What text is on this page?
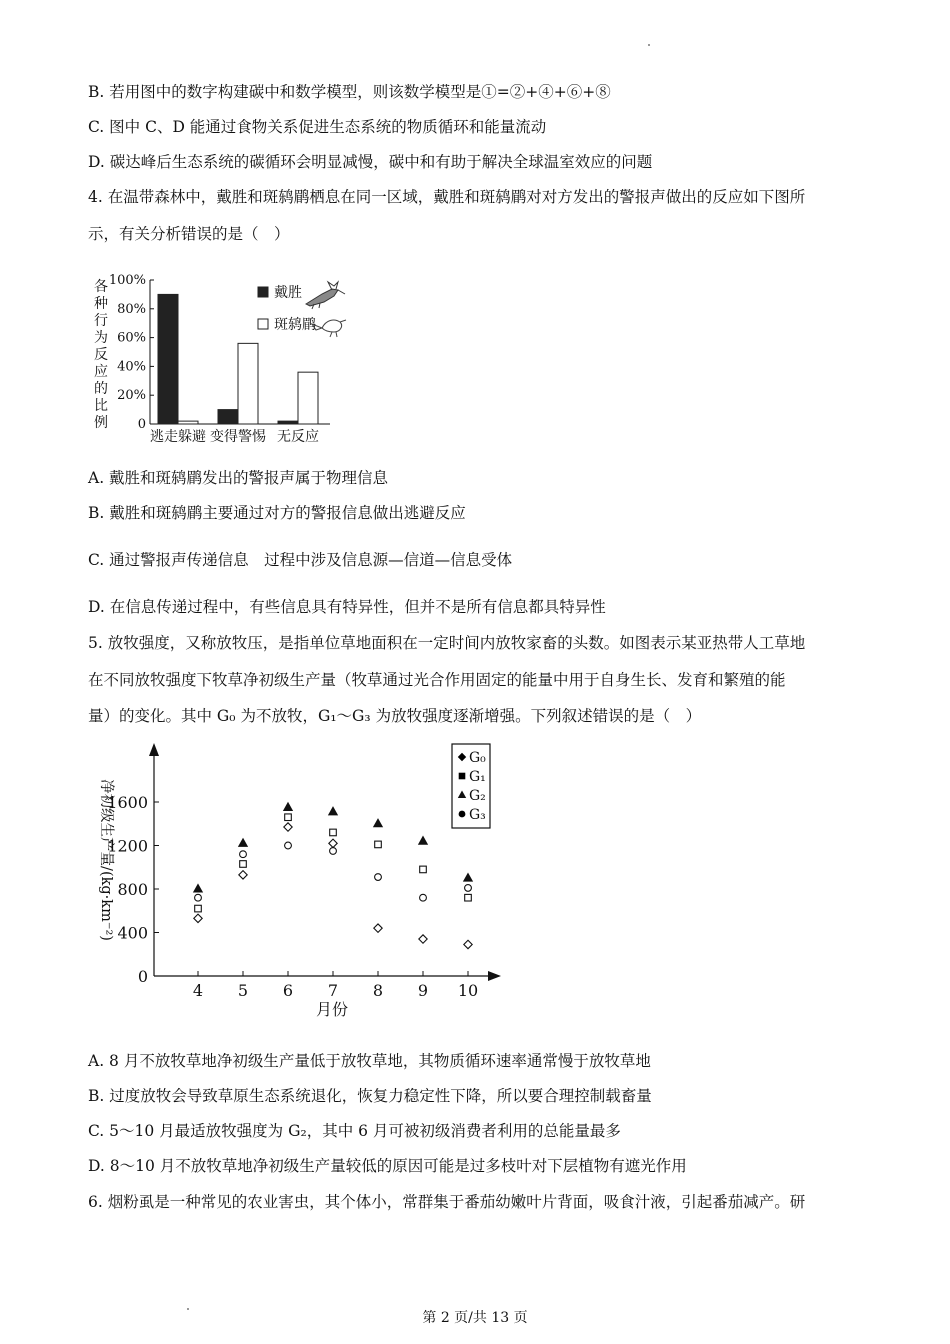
B. 若用图中的数字构建碳中和数学模型，则该数学模型是①=②+④+⑥+⑧
C. 图中 C、D 能通过食物关系促进生态系统的物质循环和能量流动
D. 碳达峰后生态系统的碳循环会明显减慢，碳中和有助于解决全球温室效应的问题
4. 在温带森林中，戴胜和斑鸫鹛栖息在同一区域，戴胜和斑鸫鹛对对方发出的警报声做出的反应如下图所
示，有关分析错误的是（　）
各
种
行
为
反
应
的
比
例
100%
80%
60%
40%
20%
0
逃走躲避 变得警惕 无反应
戴胜
斑鸫鹛
A. 戴胜和斑鸫鹛发出的警报声属于物理信息
B. 戴胜和斑鸫鹛主要通过对方的警报信息做出逃避反应
C. 通过警报声传递信息　过程中涉及信息源—信道—信息受体
D. 在信息传递过程中，有些信息具有特异性，但并不是所有信息都具特异性
5. 放牧强度，又称放牧压，是指单位草地面积在一定时间内放牧家畜的头数。如图表示某亚热带人工草地
在不同放牧强度下牧草净初级生产量（牧草通过光合作用固定的能量中用于自身生长、发育和繁殖的能
量）的变化。其中 G₀ 为不放牧，G₁～G₃ 为放牧强度逐渐增强。下列叙述错误的是（　）
净初级生产量/(kg·km⁻²)
0
400
800
1200
1600
4 5 6 7 8 9 10
月份
G₀
G₁
G₂
G₃
A. 8 月不放牧草地净初级生产量低于放牧草地，其物质循环速率通常慢于放牧草地
B. 过度放牧会导致草原生态系统退化，恢复力稳定性下降，所以要合理控制载畜量
C. 5～10 月最适放牧强度为 G₂，其中 6 月可被初级消费者利用的总能量最多
D. 8～10 月不放牧草地净初级生产量较低的原因可能是过多枝叶对下层植物有遮光作用
6. 烟粉虱是一种常见的农业害虫，其个体小，常群集于番茄幼嫩叶片背面，吸食汁液，引起番茄减产。研
第 2 页/共 13 页
